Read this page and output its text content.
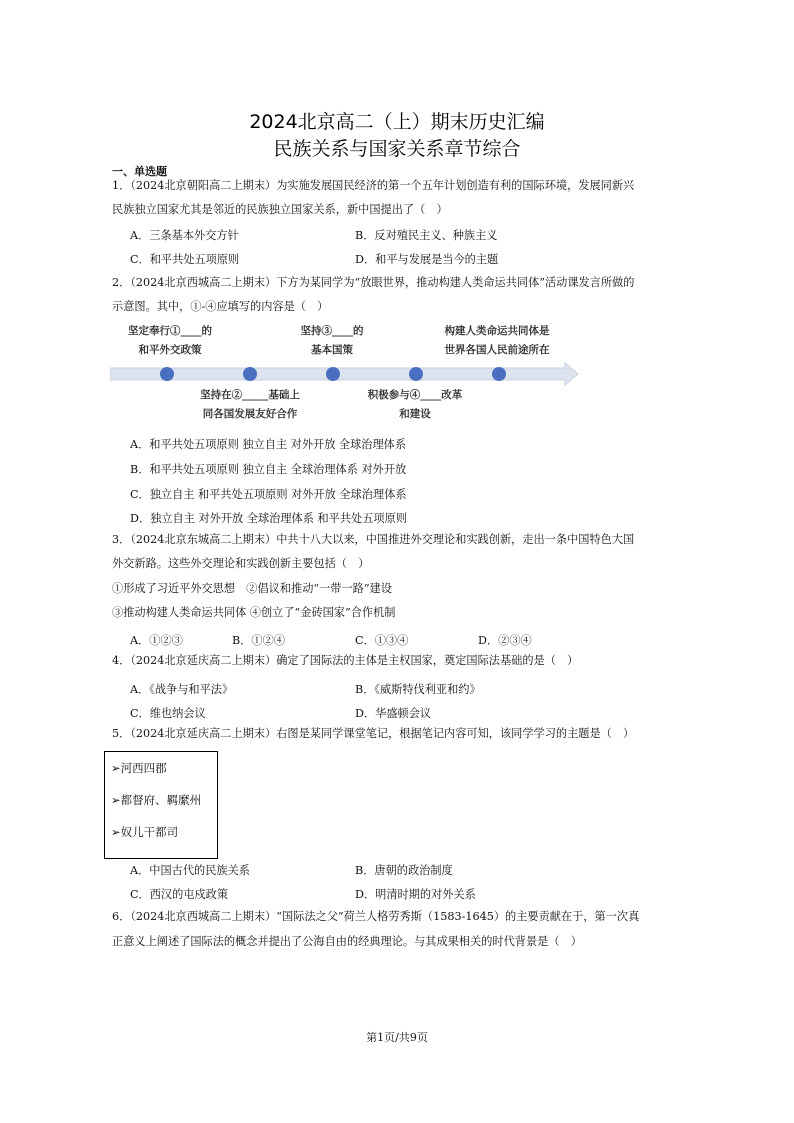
2024北京高二（上）期末历史汇编
民族关系与国家关系章节综合
一、单选题
1．（2024北京朝阳高二上期末）为实施发展国民经济的第一个五年计划创造有利的国际环境，发展同新兴
民族独立国家尤其是邻近的民族独立国家关系，新中国提出了（　）
A．三条基本外交方针	B．反对殖民主义、种族主义
C．和平共处五项原则	D．和平与发展是当今的主题
2．（2024北京西城高二上期末）下方为某同学为“放眼世界，推动构建人类命运共同体”活动课发言所做的
示意图。其中，①-④应填写的内容是（　）
坚定奉行①____的
和平外交政策
坚持在②_____基础上
同各国发展友好合作
坚持③____的
基本国策
积极参与④____改革
和建设
构建人类命运共同体是
世界各国人民前途所在
A．和平共处五项原则 独立自主 对外开放 全球治理体系
B．和平共处五项原则 独立自主 全球治理体系 对外开放
C．独立自主 和平共处五项原则 对外开放 全球治理体系
D．独立自主 对外开放 全球治理体系 和平共处五项原则
3．（2024北京东城高二上期末）中共十八大以来，中国推进外交理论和实践创新，走出一条中国特色大国
外交新路。这些外交理论和实践创新主要包括（　）
①形成了习近平外交思想　②倡议和推动“一带一路”建设
③推动构建人类命运共同体 ④创立了“金砖国家”合作机制
A．①②③	B．①②④	C．①③④	D．②③④
4．（2024北京延庆高二上期末）确定了国际法的主体是主权国家，奠定国际法基础的是（　）
A．《战争与和平法》	B．《威斯特伐利亚和约》
C．维也纳会议	D．华盛顿会议
5．（2024北京延庆高二上期末）右图是某同学课堂笔记，根据笔记内容可知，该同学学习的主题是（　）
➢河西四郡
➢都督府、羁縻州
➢奴儿干都司
A．中国古代的民族关系	B．唐朝的政治制度
C．西汉的屯戍政策	D．明清时期的对外关系
6．（2024北京西城高二上期末）“国际法之父”荷兰人格劳秀斯（1583-1645）的主要贡献在于，第一次真
正意义上阐述了国际法的概念并提出了公海自由的经典理论。与其成果相关的时代背景是（　）
第1页/共9页
